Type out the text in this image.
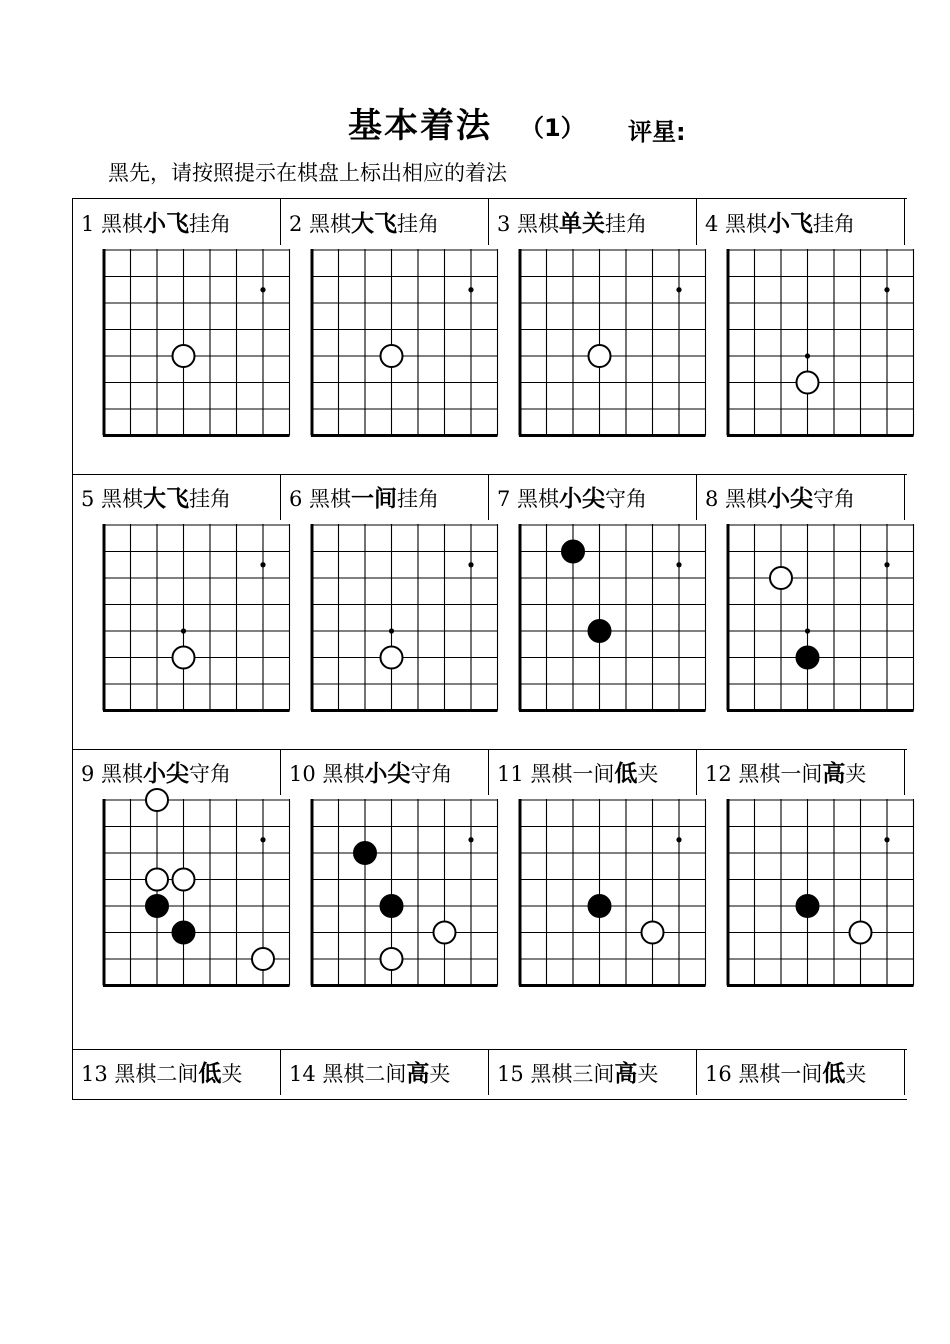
基本着法 （1） 评星:
黑先，请按照提示在棋盘上标出相应的着法
1 黑棋小飞挂角	2 黑棋大飞挂角	3 黑棋单关挂角	4 黑棋小飞挂角
5 黑棋大飞挂角	6 黑棋一间挂角	7 黑棋小尖守角	8 黑棋小尖守角
9 黑棋小尖守角	10 黑棋小尖守角	11 黑棋一间低夹	12 黑棋一间高夹
13 黑棋二间低夹	14 黑棋二间高夹	15 黑棋三间高夹	16 黑棋一间低夹
